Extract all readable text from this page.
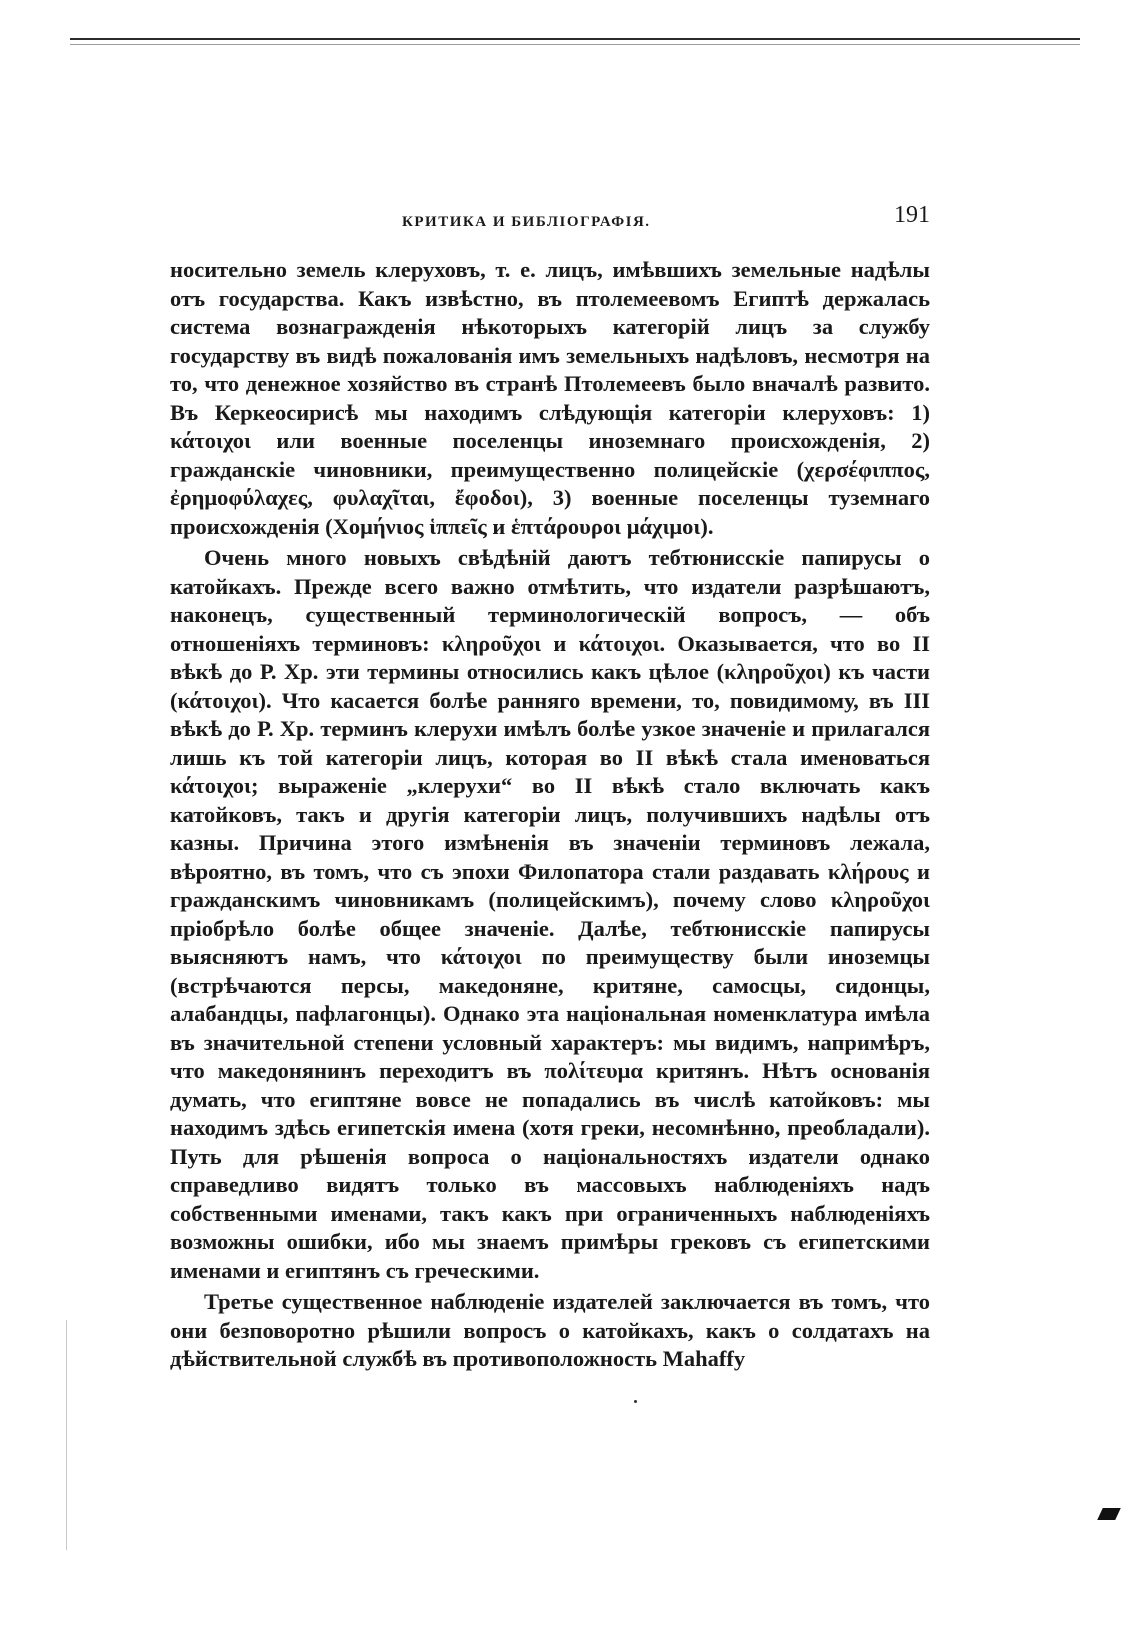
КРИТИКА И БИБЛІОГРАФІЯ.	191

носительно земель клеруховъ, т. е. лицъ, имѣвшихъ земельные надѣлы отъ государства. Какъ извѣстно, въ птолемеевомъ Египтѣ держалась система вознагражденія нѣкоторыхъ категорій лицъ за службу государству въ видѣ пожалованія имъ земельныхъ надѣловъ, несмотря на то, что денежное хозяйство въ странѣ Птолемеевъ было вначалѣ развито. Въ Керкеосирисѣ мы находимъ слѣдующія категоріи клеруховъ: 1) κάτοιχοι или военные поселенцы иноземнаго происхожденія, 2) гражданскіе чиновники, преимущественно полицейскіе (χερσέφιππος, ἐρημοφύλαχες, φυλαχῖται, ἔφοδοι), 3) военные поселенцы туземнаго происхожденія (Χομήνιος ἱππεῖς и ἑπτάρουροι μάχιμοι).

Очень много новыхъ свѣдѣній даютъ тебтюнисскіе папирусы о катойкахъ. Прежде всего важно отмѣтить, что издатели разрѣшаютъ, наконецъ, существенный терминологическій вопросъ, — объ отношеніяхъ терминовъ: κληροῦχοι и κάτοιχοι. Оказывается, что во II вѣкѣ до Р. Хр. эти термины относились какъ цѣлое (κληροῦχοι) къ части (κάτοιχοι). Что касается болѣе ранняго времени, то, повидимому, въ III вѣкѣ до Р. Хр. терминъ клерухи имѣлъ болѣе узкое значеніе и прилагался лишь къ той категоріи лицъ, которая во II вѣкѣ стала именоваться κάτοιχοι; выраженіе „клерухи“ во II вѣкѣ стало включать какъ катойковъ, такъ и другія категоріи лицъ, получившихъ надѣлы отъ казны. Причина этого измѣненія въ значеніи терминовъ лежала, вѣроятно, въ томъ, что съ эпохи Филопатора стали раздавать κλήρους и гражданскимъ чиновникамъ (полицейскимъ), почему слово κληροῦχοι пріобрѣло болѣе общее значеніе. Далѣе, тебтюнисскіе папирусы выясняютъ намъ, что κάτοιχοι по преимуществу были иноземцы (встрѣчаются персы, македоняне, критяне, самосцы, сидонцы, алабандцы, пафлагонцы). Однако эта національная номенклатура имѣла въ значительной степени условный характеръ: мы видимъ, напримѣръ, что македонянинъ переходитъ въ πολίτευμα критянъ. Нѣтъ основанія думать, что египтяне вовсе не попадались въ числѣ катойковъ: мы находимъ здѣсь египетскія имена (хотя греки, несомнѣнно, преобладали). Путь для рѣшенія вопроса о національностяхъ издатели однако справедливо видятъ только въ массовыхъ наблюденіяхъ надъ собственными именами, такъ какъ при ограниченныхъ наблюденіяхъ возможны ошибки, ибо мы знаемъ примѣры грековъ съ египетскими именами и египтянъ съ греческими.

Третье существенное наблюденіе издателей заключается въ томъ, что они безповоротно рѣшили вопросъ о катойкахъ, какъ о солдатахъ на дѣйствительной службѣ въ противоположность Mahaffy
